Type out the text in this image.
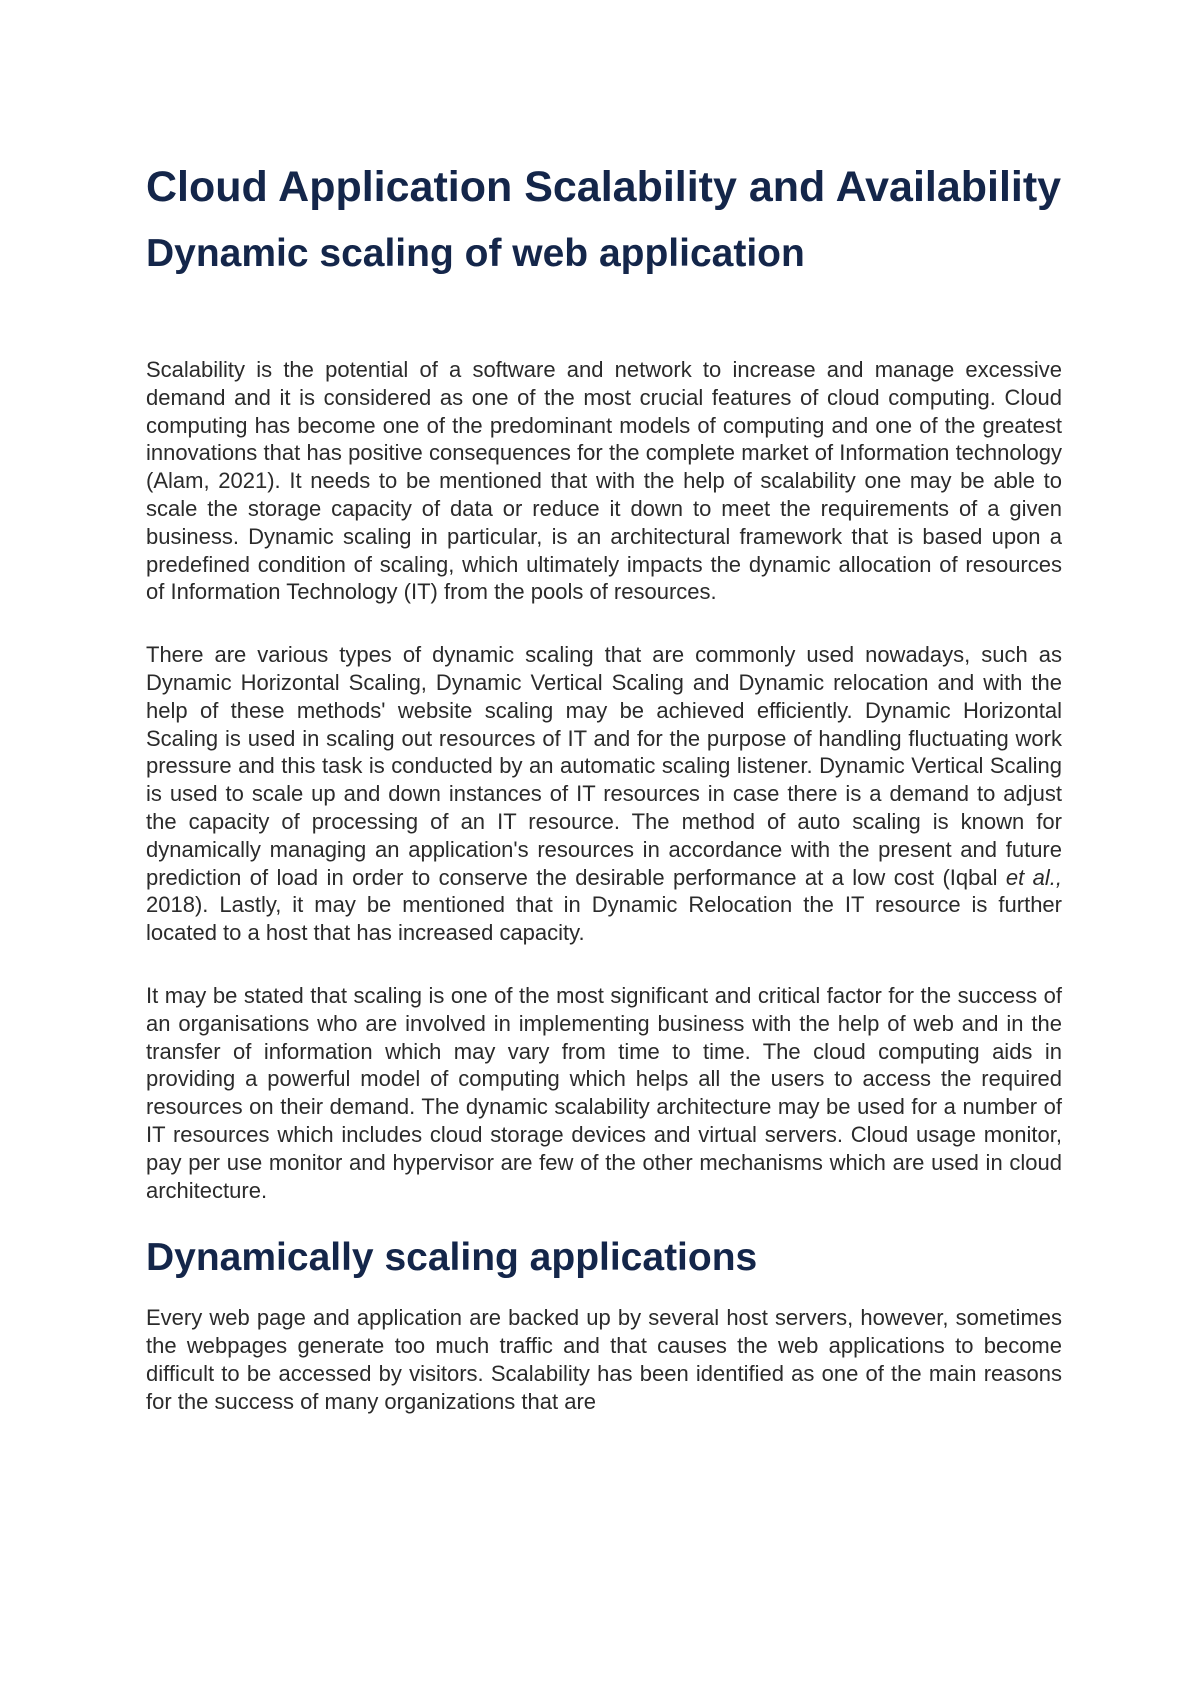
Cloud Application Scalability and Availability
Dynamic scaling of web application

Scalability is the potential of a software and network to increase and manage excessive demand and it is considered as one of the most crucial features of cloud computing. Cloud computing has become one of the predominant models of computing and one of the greatest innovations that has positive consequences for the complete market of Information technology (Alam, 2021). It needs to be mentioned that with the help of scalability one may be able to scale the storage capacity of data or reduce it down to meet the requirements of a given business. Dynamic scaling in particular, is an architectural framework that is based upon a predefined condition of scaling, which ultimately impacts the dynamic allocation of resources of Information Technology (IT) from the pools of resources.

There are various types of dynamic scaling that are commonly used nowadays, such as Dynamic Horizontal Scaling, Dynamic Vertical Scaling and Dynamic relocation and with the help of these methods' website scaling may be achieved efficiently. Dynamic Horizontal Scaling is used in scaling out resources of IT and for the purpose of handling fluctuating work pressure and this task is conducted by an automatic scaling listener. Dynamic Vertical Scaling is used to scale up and down instances of IT resources in case there is a demand to adjust the capacity of processing of an IT resource. The method of auto scaling is known for dynamically managing an application's resources in accordance with the present and future prediction of load in order to conserve the desirable performance at a low cost (Iqbal et al., 2018). Lastly, it may be mentioned that in Dynamic Relocation the IT resource is further located to a host that has increased capacity.

It may be stated that scaling is one of the most significant and critical factor for the success of an organisations who are involved in implementing business with the help of web and in the transfer of information which may vary from time to time. The cloud computing aids in providing a powerful model of computing which helps all the users to access the required resources on their demand. The dynamic scalability architecture may be used for a number of IT resources which includes cloud storage devices and virtual servers. Cloud usage monitor, pay per use monitor and hypervisor are few of the other mechanisms which are used in cloud architecture.

Dynamically scaling applications

Every web page and application are backed up by several host servers, however, sometimes the webpages generate too much traffic and that causes the web applications to become difficult to be accessed by visitors. Scalability has been identified as one of the main reasons for the success of many organizations that are
